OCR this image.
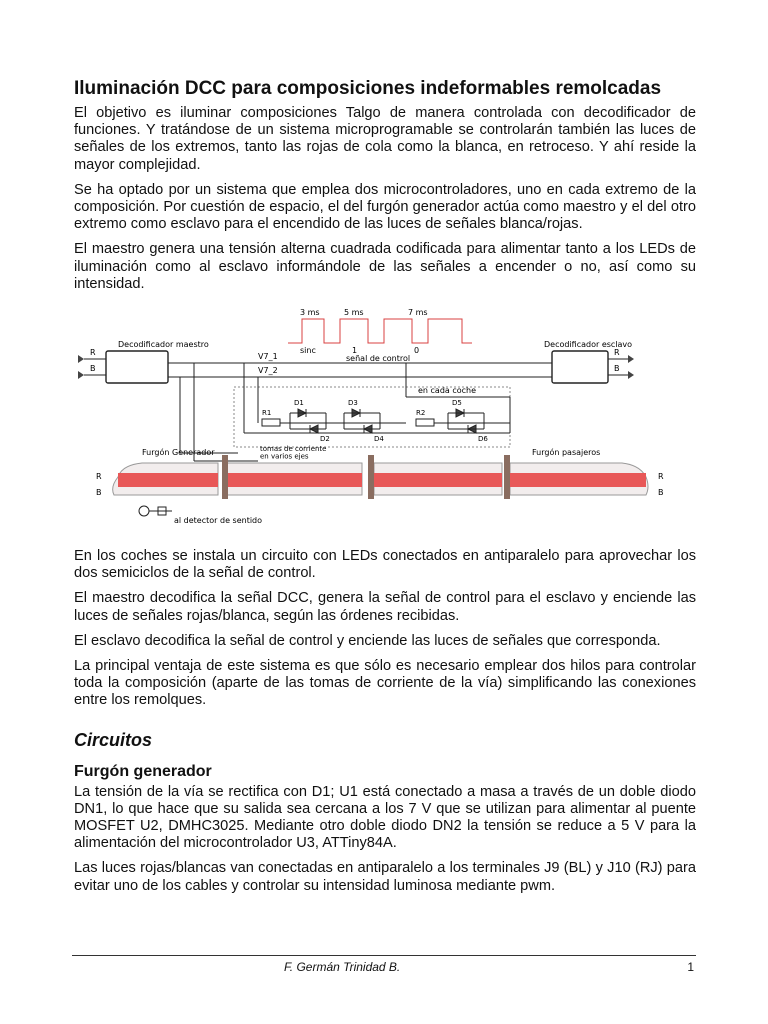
Iluminación DCC para composiciones indeformables remolcadas

El objetivo es iluminar composiciones Talgo de manera controlada con decodificador de funciones. Y tratándose de un sistema microprogramable se controlarán también las luces de señales de los extremos, tanto las rojas de cola como la blanca, en retroceso. Y ahí reside la mayor complejidad.

Se ha optado por un sistema que emplea dos microcontroladores, uno en cada extremo de la composición. Por cuestión de espacio, el del furgón generador actúa como maestro y el del otro extremo como esclavo para el encendido de las luces de señales blanca/rojas.

El maestro genera una tensión alterna cuadrada codificada para alimentar tanto a los LEDs de iluminación como al esclavo informándole de las señales a encender o no, así como su intensidad.

3 ms	5 ms	7 ms
sinc	1	0
señal de control
Decodificador maestro	Decodificador esclavo
V7_1
V7_2
en cada coche
R1	R2
D1
D2
D3
D4
D5
D6
R
B
R
B
R
B
R
B
Furgón Generador	tomas de corriente en varios ejes	Furgón pasajeros
al detector de sentido

En los coches se instala un circuito con LEDs conectados en antiparalelo para aprovechar los dos semiciclos de la señal de control.

El maestro decodifica la señal DCC, genera la señal de control para el esclavo y enciende las luces de señales rojas/blanca, según las órdenes recibidas.

El esclavo decodifica la señal de control y enciende las luces de señales que corresponda.

La principal ventaja de este sistema es que sólo es necesario emplear dos hilos para controlar toda la composición (aparte de las tomas de corriente de la vía) simplificando las conexiones entre los remolques.

Circuitos
Furgón generador

La tensión de la vía se rectifica con D1; U1 está conectado a masa a través de un doble diodo DN1, lo que hace que su salida sea cercana a los 7 V que se utilizan para alimentar al puente MOSFET U2, DMHC3025. Mediante otro doble diodo DN2 la tensión se reduce a 5 V para la alimentación del microcontrolador U3, ATTiny84A.

Las luces rojas/blancas van conectadas en antiparalelo a los terminales J9 (BL) y J10 (RJ) para evitar uno de los cables y controlar su intensidad luminosa mediante pwm.

F. Germán Trinidad B.	1
